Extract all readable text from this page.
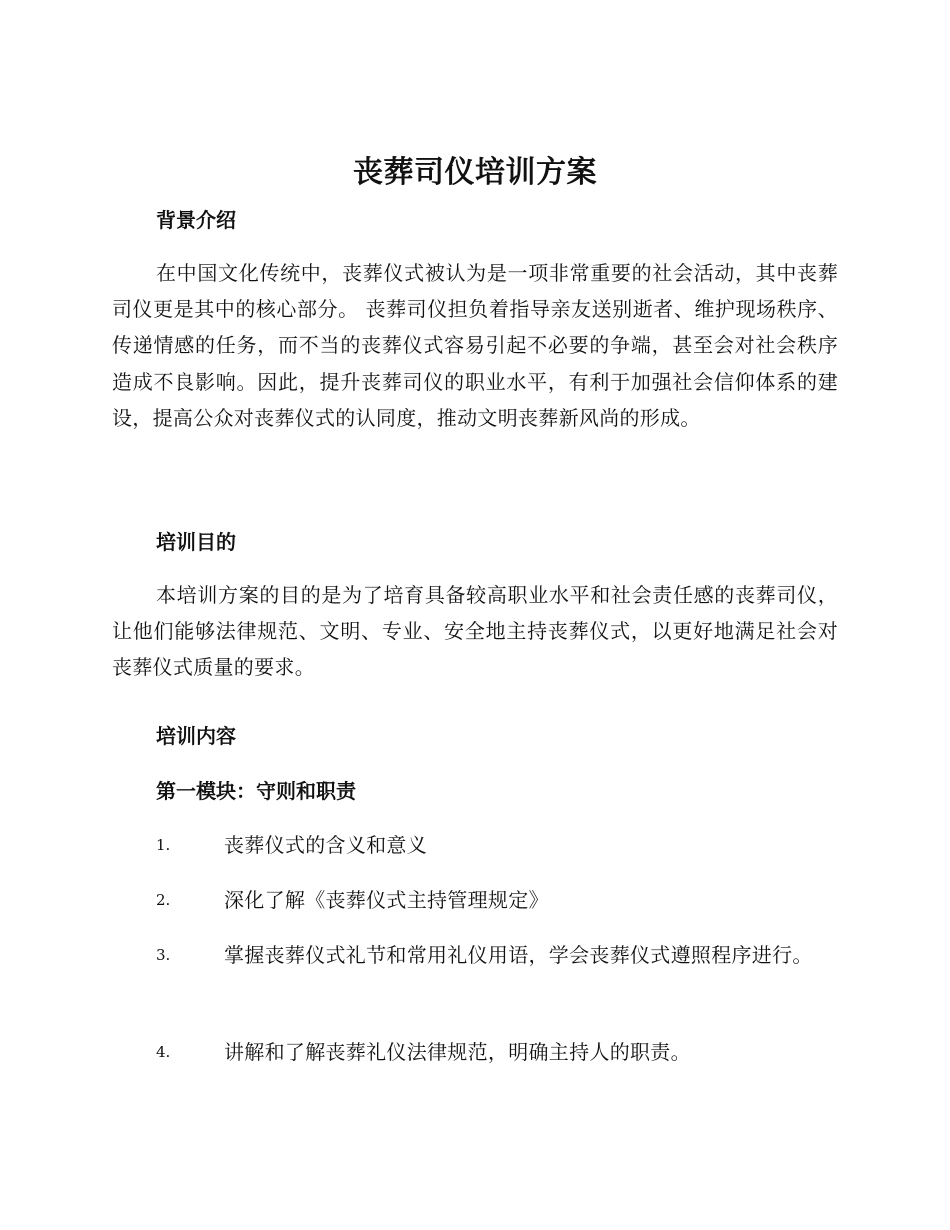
丧葬司仪培训方案
背景介绍

在中国文化传统中，丧葬仪式被认为是一项非常重要的社会活动，其中丧葬司仪更是其中的核心部分。 丧葬司仪担负着指导亲友送别逝者、维护现场秩序、传递情感的任务，而不当的丧葬仪式容易引起不必要的争端，甚至会对社会秩序造成不良影响。因此，提升丧葬司仪的职业水平，有利于加强社会信仰体系的建设，提高公众对丧葬仪式的认同度，推动文明丧葬新风尚的形成。

培训目的

本培训方案的目的是为了培育具备较高职业水平和社会责任感的丧葬司仪，让他们能够法律规范、文明、专业、安全地主持丧葬仪式，以更好地满足社会对丧葬仪式质量的要求。

培训内容
第一模块：守则和职责
1.	丧葬仪式的含义和意义
2.	深化了解《丧葬仪式主持管理规定》
3.	掌握丧葬仪式礼节和常用礼仪用语，学会丧葬仪式遵照程序进行。
4.	讲解和了解丧葬礼仪法律规范，明确主持人的职责。
